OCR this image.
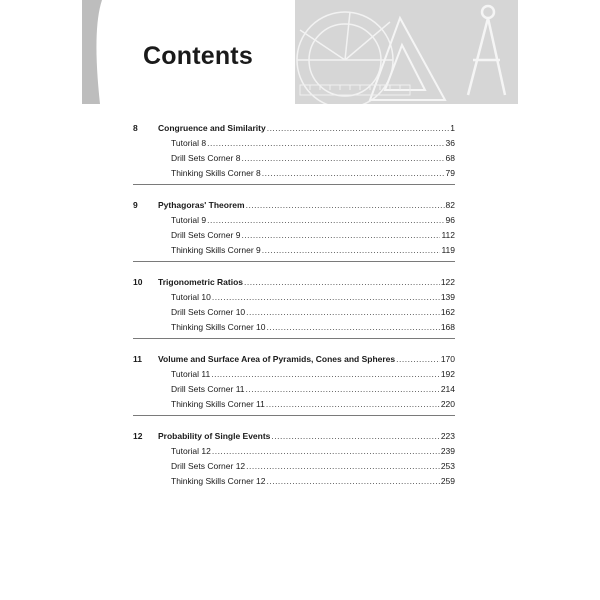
Contents
8	Congruence and Similarity .....	1
Tutorial 8 .....	36
Drill Sets Corner 8 .....	68
Thinking Skills Corner 8 .....	79
9	Pythagoras' Theorem .....	82
Tutorial 9 .....	96
Drill Sets Corner 9 .....	112
Thinking Skills Corner 9 .....	119
10	Trigonometric Ratios .....	122
Tutorial 10 .....	139
Drill Sets Corner 10 .....	162
Thinking Skills Corner 10 .....	168
11	Volume and Surface Area of Pyramids, Cones and Spheres .....	170
Tutorial 11 .....	192
Drill Sets Corner 11 .....	214
Thinking Skills Corner 11 .....	220
12	Probability of Single Events .....	223
Tutorial 12 .....	239
Drill Sets Corner 12 .....	253
Thinking Skills Corner 12 .....	259
